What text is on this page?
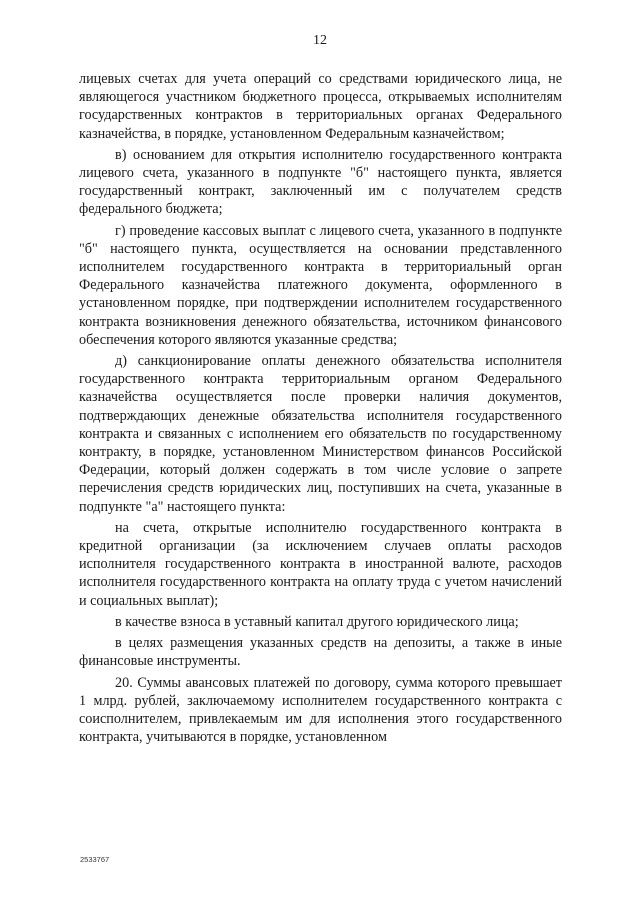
12

лицевых счетах для учета операций со средствами юридического лица, не являющегося участником бюджетного процесса, открываемых исполнителям государственных контрактов в территориальных органах Федерального казначейства, в порядке, установленном Федеральным казначейством;

в) основанием для открытия исполнителю государственного контракта лицевого счета, указанного в подпункте "б" настоящего пункта, является государственный контракт, заключенный им с получателем средств федерального бюджета;

г) проведение кассовых выплат с лицевого счета, указанного в подпункте "б" настоящего пункта, осуществляется на основании представленного исполнителем государственного контракта в территориальный орган Федерального казначейства платежного документа, оформленного в установленном порядке, при подтверждении исполнителем государственного контракта возникновения денежного обязательства, источником финансового обеспечения которого являются указанные средства;

д) санкционирование оплаты денежного обязательства исполнителя государственного контракта территориальным органом Федерального казначейства осуществляется после проверки наличия документов, подтверждающих денежные обязательства исполнителя государственного контракта и связанных с исполнением его обязательств по государственному контракту, в порядке, установленном Министерством финансов Российской Федерации, который должен содержать в том числе условие о запрете перечисления средств юридических лиц, поступивших на счета, указанные в подпункте "а" настоящего пункта:

на счета, открытые исполнителю государственного контракта в кредитной организации (за исключением случаев оплаты расходов исполнителя государственного контракта в иностранной валюте, расходов исполнителя государственного контракта на оплату труда с учетом начислений и социальных выплат);

в качестве взноса в уставный капитал другого юридического лица;

в целях размещения указанных средств на депозиты, а также в иные финансовые инструменты.

20. Суммы авансовых платежей по договору, сумма которого превышает 1 млрд. рублей, заключаемому исполнителем государственного контракта с соисполнителем, привлекаемым им для исполнения этого государственного контракта, учитываются в порядке, установленном

2533767
